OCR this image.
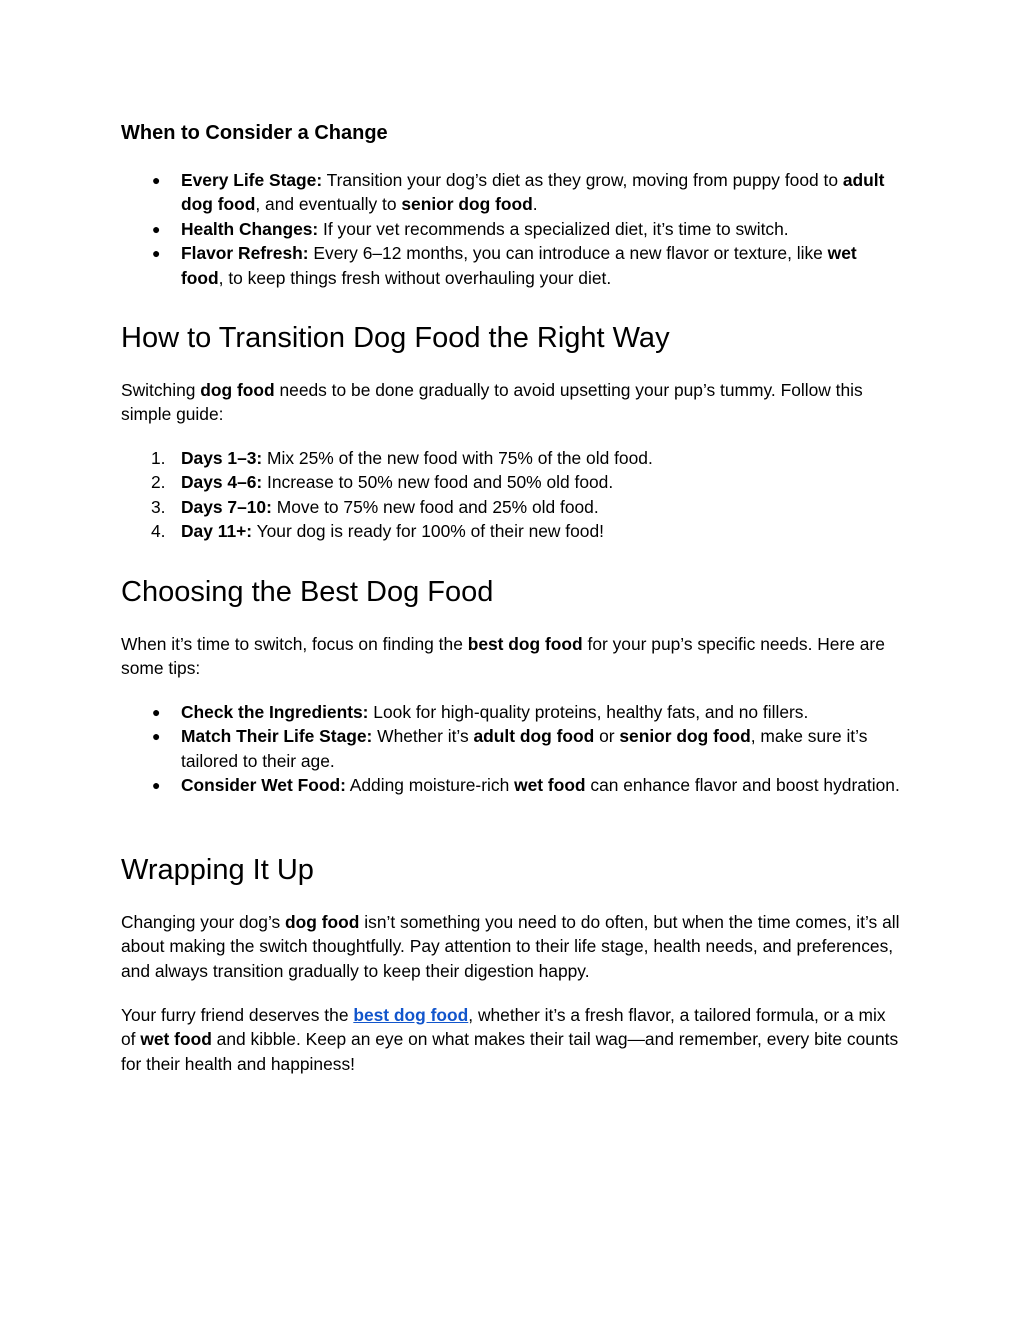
When to Consider a Change
●	Every Life Stage: Transition your dog’s diet as they grow, moving from puppy food to adult dog food, and eventually to senior dog food.
●	Health Changes: If your vet recommends a specialized diet, it’s time to switch.
●	Flavor Refresh: Every 6–12 months, you can introduce a new flavor or texture, like wet food, to keep things fresh without overhauling your diet.
How to Transition Dog Food the Right Way

Switching dog food needs to be done gradually to avoid upsetting your pup’s tummy. Follow this simple guide:

1. Days 1–3: Mix 25% of the new food with 75% of the old food.
2. Days 4–6: Increase to 50% new food and 50% old food.
3. Days 7–10: Move to 75% new food and 25% old food.
4. Day 11+: Your dog is ready for 100% of their new food!
Choosing the Best Dog Food

When it’s time to switch, focus on finding the best dog food for your pup’s specific needs. Here are some tips:

●	Check the Ingredients: Look for high-quality proteins, healthy fats, and no fillers.
●	Match Their Life Stage: Whether it’s adult dog food or senior dog food, make sure it’s tailored to their age.
●	Consider Wet Food: Adding moisture-rich wet food can enhance flavor and boost hydration.
Wrapping It Up

Changing your dog’s dog food isn’t something you need to do often, but when the time comes, it’s all about making the switch thoughtfully. Pay attention to their life stage, health needs, and preferences, and always transition gradually to keep their digestion happy.

Your furry friend deserves the best dog food, whether it’s a fresh flavor, a tailored formula, or a mix of wet food and kibble. Keep an eye on what makes their tail wag—and remember, every bite counts for their health and happiness!
